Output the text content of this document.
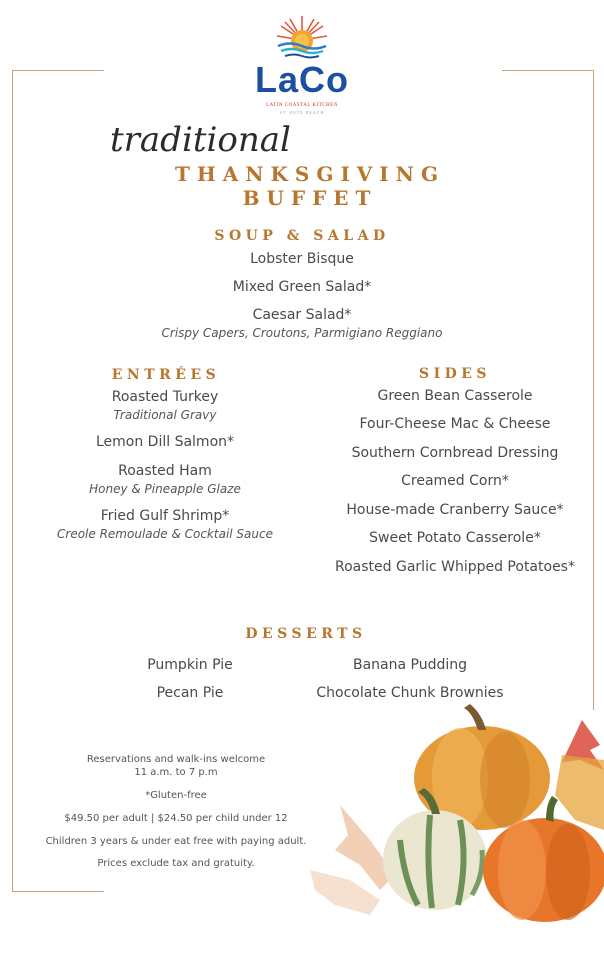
LaCo
LATIN COASTAL KITCHEN
ST. PETE BEACH
traditional
THANKSGIVING
BUFFET
SOUP & SALAD
Lobster Bisque
Mixed Green Salad*
Caesar Salad*
Crispy Capers, Croutons, Parmigiano Reggiano
ENTRÉES
Roasted Turkey
Traditional Gravy
Lemon Dill Salmon*
Roasted Ham
Honey & Pineapple Glaze
Fried Gulf Shrimp*
Creole Remoulade & Cocktail Sauce
SIDES
Green Bean Casserole
Four-Cheese Mac & Cheese
Southern Cornbread Dressing
Creamed Corn*
House-made Cranberry Sauce*
Sweet Potato Casserole*
Roasted Garlic Whipped Potatoes*
DESSERTS
Pumpkin Pie	Banana Pudding
Pecan Pie	Chocolate Chunk Brownies
Reservations and walk-ins welcome
11 a.m. to 7 p.m
*Gluten-free
$49.50 per adult | $24.50 per child under 12
Children 3 years & under eat free with paying adult.
Prices exclude tax and gratuity.
